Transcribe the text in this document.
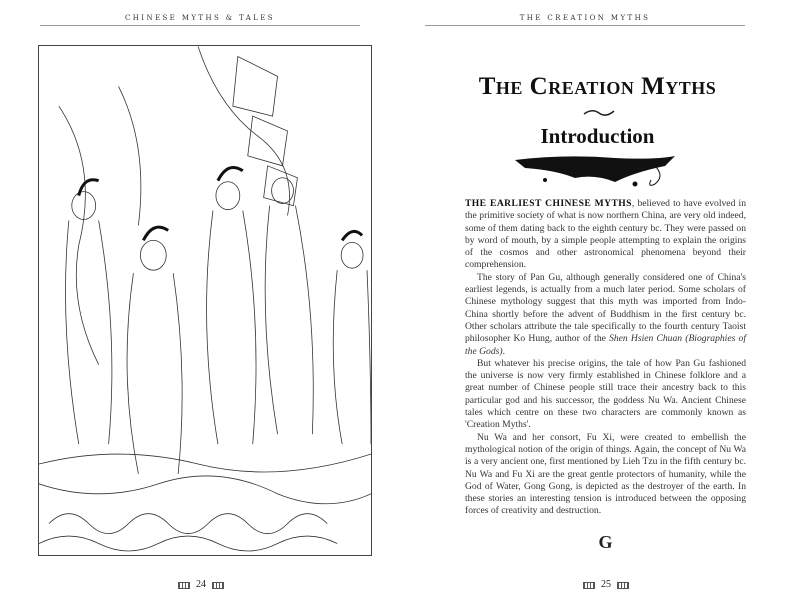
CHINESE MYTHS & TALES
24
THE CREATION MYTHS
The Creation Myths
Introduction

THE EARLIEST CHINESE MYTHS, believed to have evolved in the primitive society of what is now northern China, are very old indeed, some of them dating back to the eighth century bc. They were passed on by word of mouth, by a simple people attempting to explain the origins of the cosmos and other astronomical phenomena beyond their comprehension.

The story of Pan Gu, although generally considered one of China's earliest legends, is actually from a much later period. Some scholars of Chinese mythology suggest that this myth was imported from Indo-China shortly before the advent of Buddhism in the first century bc. Other scholars attribute the tale specifically to the fourth century Taoist philosopher Ko Hung, author of the Shen Hsien Chuan (Biographies of the Gods).

But whatever his precise origins, the tale of how Pan Gu fashioned the universe is now very firmly established in Chinese folklore and a great number of Chinese people still trace their ancestry back to this particular god and his successor, the goddess Nu Wa. Ancient Chinese tales which centre on these two characters are commonly known as 'Creation Myths'.

Nu Wa and her consort, Fu Xi, were created to embellish the mythological notion of the origin of things. Again, the concept of Nu Wa is a very ancient one, first mentioned by Lieh Tzu in the fifth century bc. Nu Wa and Fu Xi are the great gentle protectors of humanity, while the God of Water, Gong Gong, is depicted as the destroyer of the earth. In these stories an interesting tension is introduced between the opposing forces of creativity and destruction.

G
25
